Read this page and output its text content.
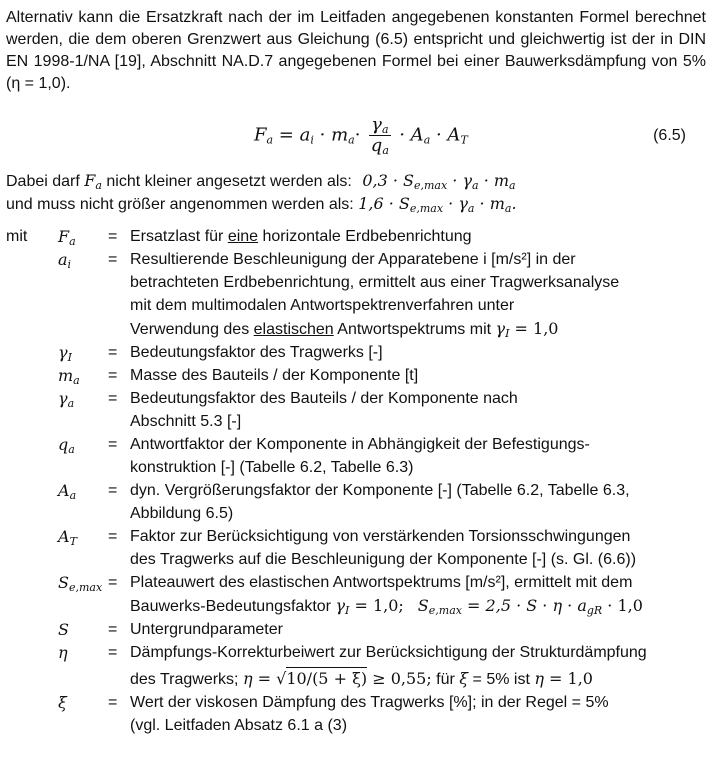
Alternativ kann die Ersatzkraft nach der im Leitfaden angegebenen konstanten Formel berechnet werden, die dem oberen Grenzwert aus Gleichung (6.5) entspricht und gleichwertig ist der in DIN EN 1998-1/NA [19], Abschnitt NA.D.7 angegebenen Formel bei einer Bauwerksdämpfung von 5% (η = 1,0).
$F_a = a_i \cdot m_a\cdot \frac{\gamma_a}{q_a} \cdot A_a \cdot A_T$	(6.5)
Dabei darf $F_a$ nicht kleiner angesetzt werden als: $0,3 \cdot S_{e,max} \cdot \gamma_a \cdot m_a$
und muss nicht größer angenommen werden als: $1,6 \cdot S_{e,max} \cdot \gamma_a \cdot m_a$.
mit	$F_a$	= Ersatzlast für eine horizontale Erdbebenrichtung
$a_i$	= Resultierende Beschleunigung der Apparatebene i [m/s²] in der
betrachteten Erdbebenrichtung, ermittelt aus einer Tragwerksanalyse
mit dem multimodalen Antwortspektrenverfahren unter
Verwendung des elastischen Antwortspektrums mit $\gamma_I = 1,0$
$\gamma_I$	= Bedeutungsfaktor des Tragwerks [-]
$m_a$	= Masse des Bauteils / der Komponente [t]
$\gamma_a$	= Bedeutungsfaktor des Bauteils / der Komponente nach
Abschnitt 5.3 [-]
$q_a$	= Antwortfaktor der Komponente in Abhängigkeit der Befestigungs-
konstruktion [-] (Tabelle 6.2, Tabelle 6.3)
$A_a$	= dyn. Vergrößerungsfaktor der Komponente [-] (Tabelle 6.2, Tabelle 6.3,
Abbildung 6.5)
$A_T$	= Faktor zur Berücksichtigung von verstärkenden Torsionsschwingungen
des Tragwerks auf die Beschleunigung der Komponente [-] (s. Gl. (6.6))
$S_{e,max}$ = Plateauwert des elastischen Antwortspektrums [m/s²], ermittelt mit dem
Bauwerks-Bedeutungsfaktor $\gamma_I = 1,0$; $S_{e,max} = 2,5 \cdot S \cdot \eta \cdot a_{gR} \cdot 1,0$
S	= Untergrundparameter
η	= Dämpfungs-Korrekturbeiwert zur Berücksichtigung der Strukturdämpfung
des Tragwerks; η = √10/(5 + ξ) ≥ 0,55; für ξ = 5% ist η = 1,0
ξ	= Wert der viskosen Dämpfung des Tragwerks [%]; in der Regel = 5%
(vgl. Leitfaden Absatz 6.1 a (3)
